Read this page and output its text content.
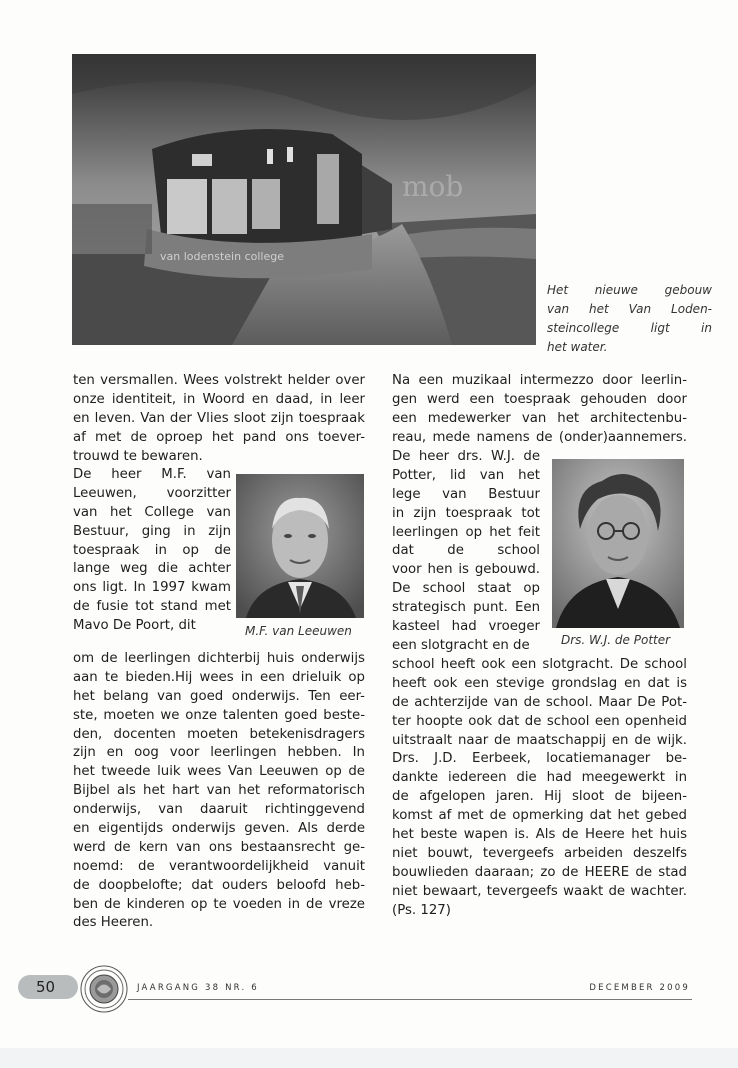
van lodenstein college
mob
Het nieuwe gebouw
van het Van Loden-
steincollege ligt in
het water.
ten versmallen. Wees volstrekt helder over
onze identiteit, in Woord en daad, in leer
en leven. Van der Vlies sloot zijn toespraak
af met de oproep het pand ons toever-
trouwd te bewaren.
De heer M.F. van
Leeuwen, voorzitter
van het College van
Bestuur, ging in zijn
toespraak in op de
lange weg die achter
ons ligt. In 1997 kwam
de fusie tot stand met
Mavo De Poort, dit	M.F. van Leeuwen
om de leerlingen dichterbij huis onderwijs
aan te bieden.Hij wees in een drieluik op
het belang van goed onderwijs. Ten eer-
ste, moeten we onze talenten goed beste-
den, docenten moeten betekenisdragers
zijn en oog voor leerlingen hebben. In
het tweede luik wees Van Leeuwen op de
Bijbel als het hart van het reformatorisch
onderwijs, van daaruit richtinggevend
en eigentijds onderwijs geven. Als derde
werd de kern van ons bestaansrecht ge-
noemd: de verantwoordelijkheid vanuit
de doopbelofte; dat ouders beloofd heb-
ben de kinderen op te voeden in de vreze
des Heeren.
Na een muzikaal intermezzo door leerlin-
gen werd een toespraak gehouden door
een medewerker van het architectenbu-
reau, mede namens de (onder)aannemers.
De heer drs. W.J. de
Potter, lid van het
lege van Bestuur
in zijn toespraak tot
leerlingen op het feit
dat de school
voor hen is gebouwd.
De school staat op
strategisch punt. Een
kasteel had vroeger
een slotgracht en de	Drs. W.J. de Potter
school heeft ook een slotgracht. De school
heeft ook een stevige grondslag en dat is
de achterzijde van de school. Maar De Pot-
ter hoopte ook dat de school een openheid
uitstraalt naar de maatschappij en de wijk.
Drs. J.D. Eerbeek, locatiemanager be-
dankte iedereen die had meegewerkt in
de afgelopen jaren. Hij sloot de bijeen-
komst af met de opmerking dat het gebed
het beste wapen is. Als de Heere het huis
niet bouwt, tevergeefs arbeiden deszelfs
bouwlieden daaraan; zo de HEERE de stad
niet bewaart, tevergeefs waakt de wachter.
(Ps. 127)
50	JAARGANG 38 NR. 6	DECEMBER 2009
